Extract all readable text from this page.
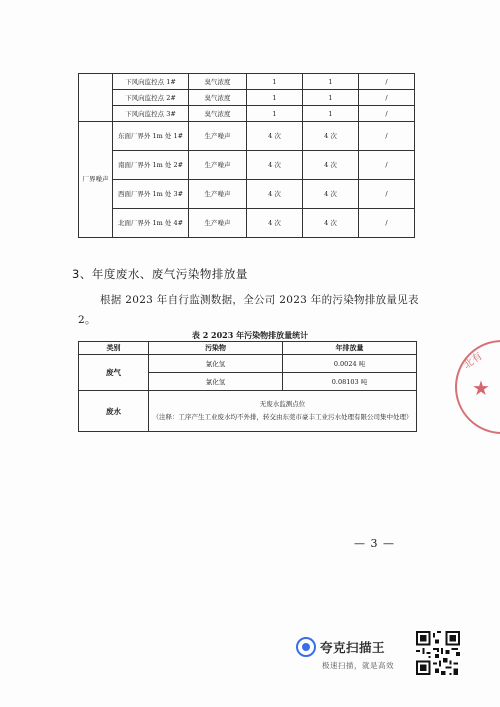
	下风向监控点 1#	臭气浓度	1	1	/
	下风向监控点 2#	臭气浓度	1	1	/
	下风向监控点 3#	臭气浓度	1	1	/
厂界噪声	东面厂界外 1m 处 1#	生产噪声	4 次	4 次	/
	南面厂界外 1m 处 2#	生产噪声	4 次	4 次	/
	西面厂界外 1m 处 3#	生产噪声	4 次	4 次	/
	北面厂界外 1m 处 4#	生产噪声	4 次	4 次	/
3、年度废水、废气污染物排放量
根据 2023 年自行监测数据，全公司 2023 年的污染物排放量见表 2。
表 2 2023 年污染物排放量统计
类别	污染物	年排放量
废气	氯化氢	0.0024 吨
	氯化氢	0.08103 吨
废水	无废水监测点位
（注释：工序产生工业废水均不外排，转交由东莞市豪丰工业污水处理有限公司集中处理）	
北有
★
— 3 —
夸克扫描王
极速扫描，就是高效
